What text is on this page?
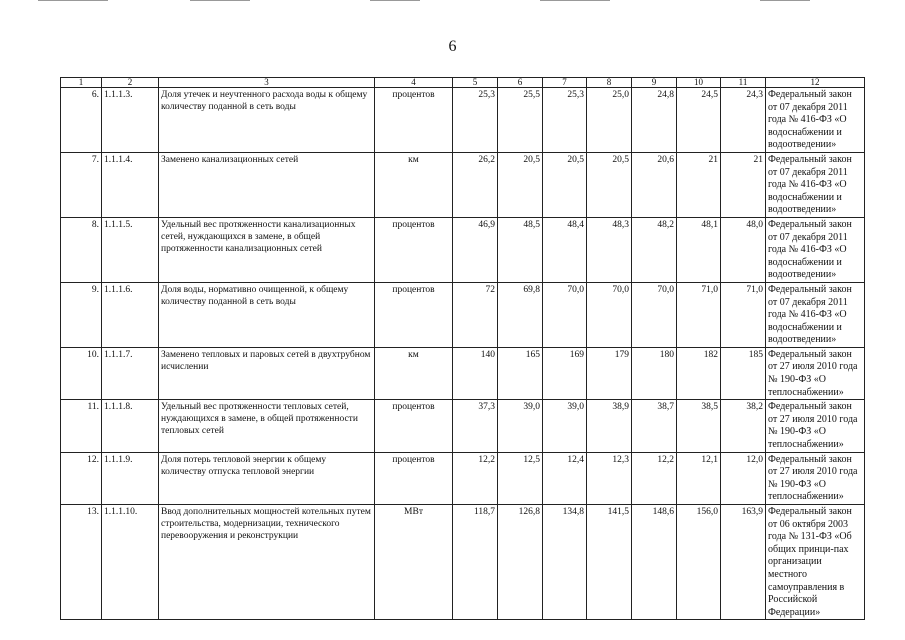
6
1	2	3	4	5	6	7	8	9	10	11	12
6.	1.1.1.3.	Доля утечек и неучтенного расхода воды к общему количеству поданной в сеть воды	процентов	25,3	25,5	25,3	25,0	24,8	24,5	24,3	Федеральный закон от 07 декабря 2011 года № 416-ФЗ «О водоснабжении и водоотведении»
7.	1.1.1.4.	Заменено канализационных сетей	км	26,2	20,5	20,5	20,5	20,6	21	21	Федеральный закон от 07 декабря 2011 года № 416-ФЗ «О водоснабжении и водоотведении»
8.	1.1.1.5.	Удельный вес протяженности канализационных сетей, нуждающихся в замене, в общей протяженности канализационных сетей	процентов	46,9	48,5	48,4	48,3	48,2	48,1	48,0	Федеральный закон от 07 декабря 2011 года № 416-ФЗ «О водоснабжении и водоотведении»
9.	1.1.1.6.	Доля воды, нормативно очищенной, к общему количеству поданной в сеть воды	процентов	72	69,8	70,0	70,0	70,0	71,0	71,0	Федеральный закон от 07 декабря 2011 года № 416-ФЗ «О водоснабжении и водоотведении»
10.	1.1.1.7.	Заменено тепловых и паровых сетей в двухтрубном исчислении	км	140	165	169	179	180	182	185	Федеральный закон от 27 июля 2010 года № 190-ФЗ «О теплоснабжении»
11.	1.1.1.8.	Удельный вес протяженности тепловых сетей, нуждающихся в замене, в общей протяженности тепловых сетей	процентов	37,3	39,0	39,0	38,9	38,7	38,5	38,2	Федеральный закон от 27 июля 2010 года № 190-ФЗ «О теплоснабжении»
12.	1.1.1.9.	Доля потерь тепловой энергии к общему количеству отпуска тепловой энергии	процентов	12,2	12,5	12,4	12,3	12,2	12,1	12,0	Федеральный закон от 27 июля 2010 года № 190-ФЗ «О теплоснабжении»
13.	1.1.1.10.	Ввод дополнительных мощностей котельных путем строительства, модернизации, технического перевооружения и реконструкции	МВт	118,7	126,8	134,8	141,5	148,6	156,0	163,9	Федеральный закон от 06 октября 2003 года № 131-ФЗ «Об общих принци-пах организации местного самоуправления в Российской Федерации»
